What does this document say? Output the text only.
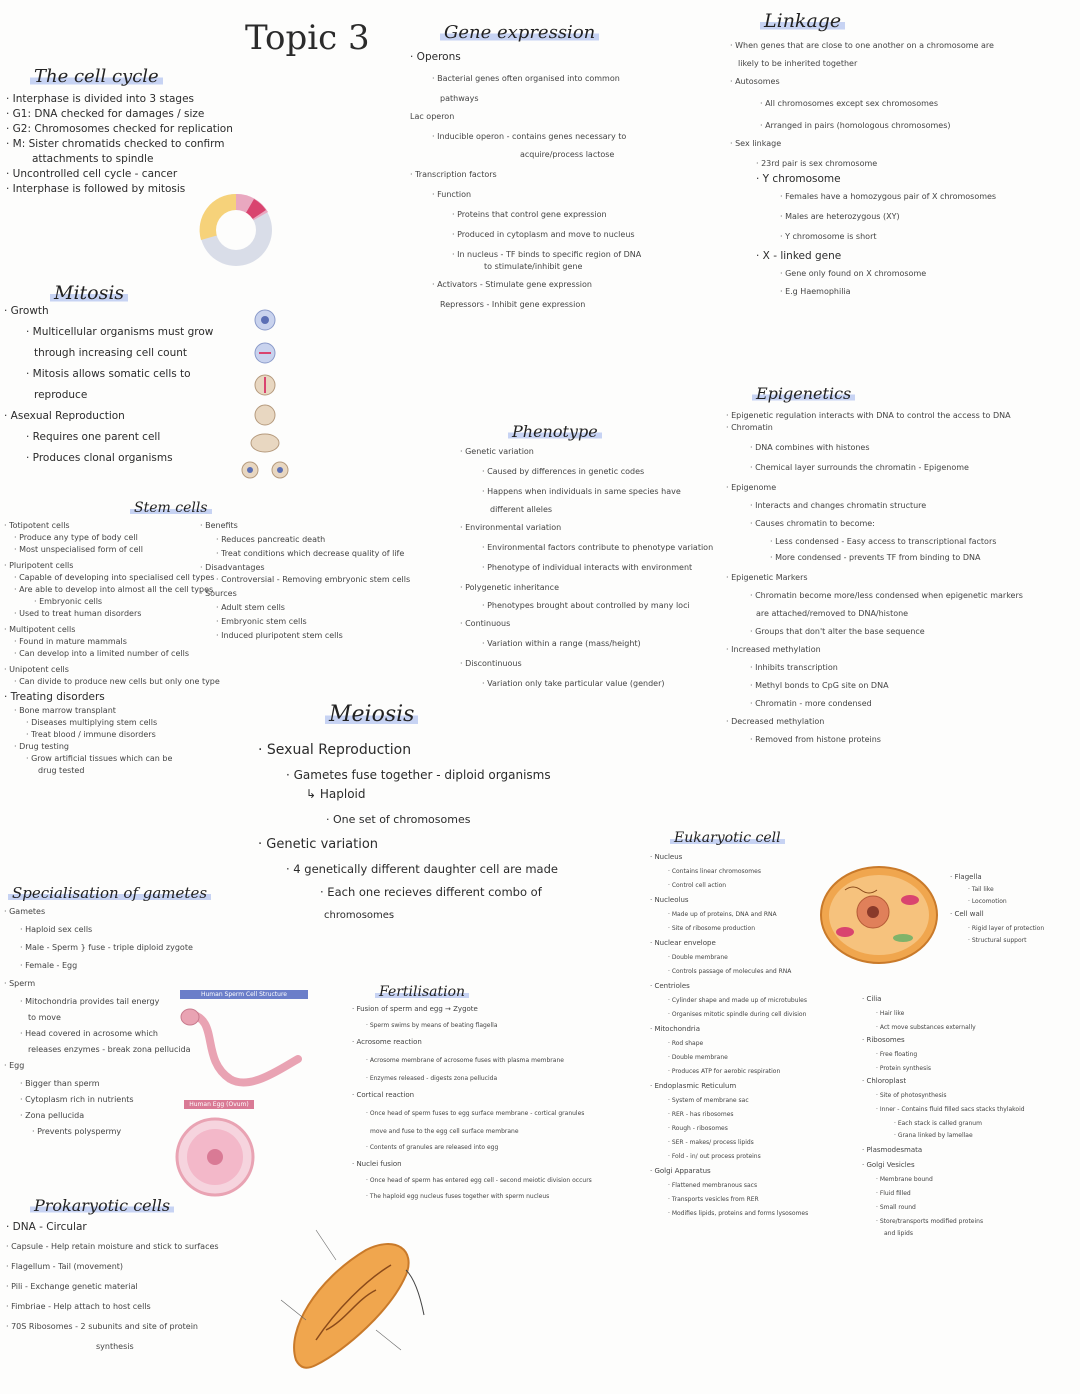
Topic 3
The cell cycle
· Interphase is divided into 3 stages
· G1: DNA checked for damages / size
· G2: Chromosomes checked for replication
· M: Sister chromatids checked to confirm
attachments to spindle
· Uncontrolled cell cycle - cancer
· Interphase is followed by mitosis
Mitosis
· Growth
· Multicellular organisms must grow
through increasing cell count
· Mitosis allows somatic cells to
reproduce
· Asexual Reproduction
· Requires one parent cell
· Produces clonal organisms
Stem cells
· Totipotent cells
· Produce any type of body cell
· Most unspecialised form of cell
· Pluripotent cells
· Capable of developing into specialised cell types
· Are able to develop into almost all the cell types
· Embryonic cells
· Used to treat human disorders
· Multipotent cells
· Found in mature mammals
· Can develop into a limited number of cells
· Unipotent cells
· Can divide to produce new cells but only one type
· Treating disorders
· Bone marrow transplant
· Diseases multiplying stem cells
· Treat blood / immune disorders
· Drug testing
· Grow artificial tissues which can be
drug tested
· Benefits
· Reduces pancreatic death
· Treat conditions which decrease quality of life
· Disadvantages
· Controversial - Removing embryonic stem cells
· Sources
· Adult stem cells
· Embryonic stem cells
· Induced pluripotent stem cells
Specialisation of gametes
· Gametes
· Haploid sex cells
· Male - Sperm } fuse - triple diploid zygote
· Female - Egg
· Sperm
· Mitochondria provides tail energy
to move
· Head covered in acrosome which
releases enzymes - break zona pellucida
· Egg
· Bigger than sperm
· Cytoplasm rich in nutrients
· Zona pellucida
· Prevents polyspermy
Human Sperm Cell Structure
Human Egg (Ovum)
Prokaryotic cells
· DNA - Circular
· Capsule - Help retain moisture and stick to surfaces
· Flagellum - Tail (movement)
· Pili - Exchange genetic material
· Fimbriae - Help attach to host cells
· 70S Ribosomes - 2 subunits and site of protein
synthesis
Gene expression
· Operons
· Bacterial genes often organised into common
pathways
Lac operon
· Inducible operon - contains genes necessary to
acquire/process lactose
· Transcription factors
· Function
· Proteins that control gene expression
· Produced in cytoplasm and move to nucleus
· In nucleus - TF binds to specific region of DNA
to stimulate/inhibit gene
· Activators - Stimulate gene expression
Repressors - Inhibit gene expression
Phenotype
· Genetic variation
· Caused by differences in genetic codes
· Happens when individuals in same species have
different alleles
· Environmental variation
· Environmental factors contribute to phenotype variation
· Phenotype of individual interacts with environment
· Polygenetic inheritance
· Phenotypes brought about controlled by many loci
· Continuous
· Variation within a range (mass/height)
· Discontinuous
· Variation only take particular value (gender)
Meiosis
· Sexual Reproduction
· Gametes fuse together - diploid organisms
↳ Haploid
· One set of chromosomes
· Genetic variation
· 4 genetically different daughter cell are made
· Each one recieves different combo of
chromosomes
Fertilisation
· Fusion of sperm and egg → Zygote
· Sperm swims by means of beating flagella
· Acrosome reaction
· Acrosome membrane of acrosome fuses with plasma membrane
· Enzymes released - digests zona pellucida
· Cortical reaction
· Once head of sperm fuses to egg surface membrane - cortical granules
move and fuse to the egg cell surface membrane
· Contents of granules are released into egg
· Nuclei fusion
· Once head of sperm has entered egg cell - second meiotic division occurs
· The haploid egg nucleus fuses together with sperm nucleus
Linkage
· When genes that are close to one another on a chromosome are
likely to be inherited together
· Autosomes
· All chromosomes except sex chromosomes
· Arranged in pairs (homologous chromosomes)
· Sex linkage
· 23rd pair is sex chromosome
· Y chromosome
· Females have a homozygous pair of X chromosomes
· Males are heterozygous (XY)
· Y chromosome is short
· X - linked gene
· Gene only found on X chromosome
· E.g Haemophilia
Epigenetics
· Epigenetic regulation interacts with DNA to control the access to DNA
· Chromatin
· DNA combines with histones
· Chemical layer surrounds the chromatin - Epigenome
· Epigenome
· Interacts and changes chromatin structure
· Causes chromatin to become:
· Less condensed - Easy access to transcriptional factors
· More condensed - prevents TF from binding to DNA
· Epigenetic Markers
· Chromatin become more/less condensed when epigenetic markers
are attached/removed to DNA/histone
· Groups that don't alter the base sequence
· Increased methylation
· Inhibits transcription
· Methyl bonds to CpG site on DNA
· Chromatin - more condensed
· Decreased methylation
· Removed from histone proteins
Eukaryotic cell
· Nucleus
· Contains linear chromosomes
· Control cell action
· Nucleolus
· Made up of proteins, DNA and RNA
· Site of ribosome production
· Nuclear envelope
· Double membrane
· Controls passage of molecules and RNA
· Centrioles
· Cylinder shape and made up of microtubules
· Organises mitotic spindle during cell division
· Mitochondria
· Rod shape
· Double membrane
· Produces ATP for aerobic respiration
· Endoplasmic Reticulum
· System of membrane sac
· RER - has ribosomes
· Rough - ribosomes
· SER - makes/ process lipids
· Fold - in/ out process proteins
· Golgi Apparatus
· Flattened membranous sacs
· Transports vesicles from RER
· Modifies lipids, proteins and forms lysosomes
· Flagella
· Tail like
· Locomotion
· Cell wall
· Rigid layer of protection
· Structural support
· Cilia
· Hair like
· Act move substances externally
· Ribosomes
· Free floating
· Protein synthesis
· Chloroplast
· Site of photosynthesis
· Inner - Contains fluid filled sacs stacks thylakoid
· Each stack is called granum
· Grana linked by lamellae
· Plasmodesmata
· Golgi Vesicles
· Membrane bound
· Fluid filled
· Small round
· Store/transports modified proteins
and lipids
